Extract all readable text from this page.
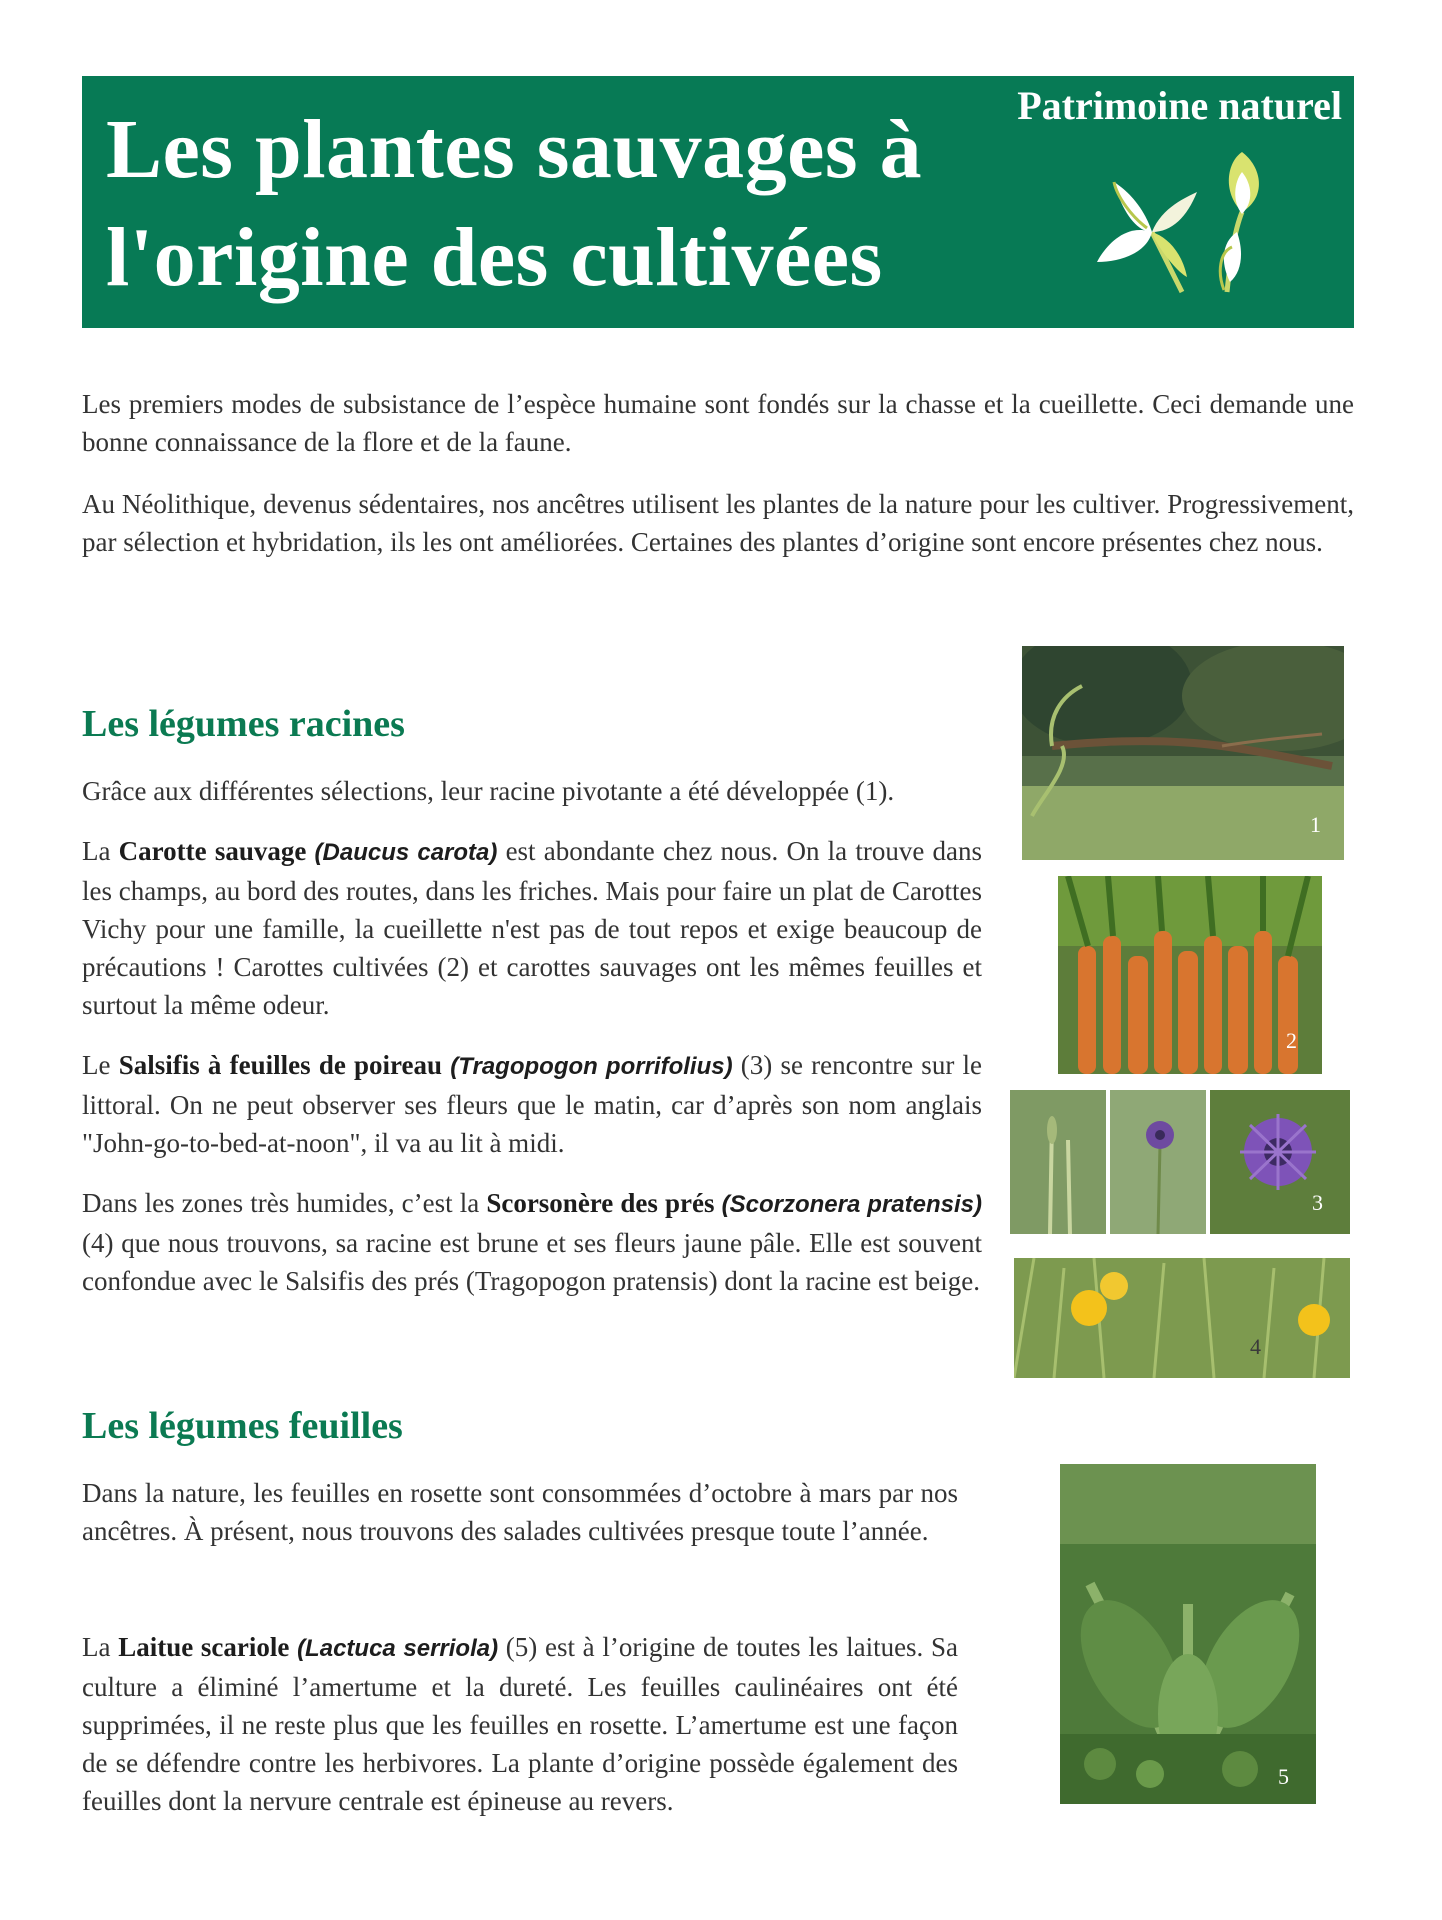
Patrimoine naturel
Les plantes sauvages à
l'origine des cultivées

Les premiers modes de subsistance de l’espèce humaine sont fondés sur la chasse et la cueillette. Ceci demande une bonne connaissance de la flore et de la faune.

Au Néolithique, devenus sédentaires, nos ancêtres utilisent les plantes de la nature pour les cultiver. Progressivement, par sélection et hybridation, ils les ont améliorées. Certaines des plantes d’origine sont encore présentes chez nous.

Les légumes racines

Grâce aux différentes sélections, leur racine pivotante a été développée (1).

La Carotte sauvage (Daucus carota) est abondante chez nous. On la trouve dans les champs, au bord des routes, dans les friches. Mais pour faire un plat de Carottes Vichy pour une famille, la cueillette n'est pas de tout repos et exige beaucoup de précautions ! Carottes cultivées (2) et carottes sauvages ont les mêmes feuilles et surtout la même odeur.

Le Salsifis à feuilles de poireau (Tragopogon porrifolius) (3) se rencontre sur le littoral. On ne peut observer ses fleurs que le matin, car d’après son nom anglais "John-go-to-bed-at-noon", il va au lit à midi.

Dans les zones très humides, c’est la Scorsonère des prés (Scorzonera pratensis) (4) que nous trouvons, sa racine est brune et ses fleurs jaune pâle. Elle est souvent confondue avec le Salsifis des prés (Tragopogon pratensis) dont la racine est beige.

Les légumes feuilles

Dans la nature, les feuilles en rosette sont consommées d’octobre à mars par nos ancêtres. À présent, nous trouvons des salades cultivées presque toute l’année.

La Laitue scariole (Lactuca serriola) (5) est à l’origine de toutes les laitues. Sa culture a éliminé l’amertume et la dureté. Les feuilles caulinéaires ont été supprimées, il ne reste plus que les feuilles en rosette. L’amertume est une façon de se défendre contre les herbivores. La plante d’origine possède également des feuilles dont la nervure centrale est épineuse au revers.

1
2
3
4
5
